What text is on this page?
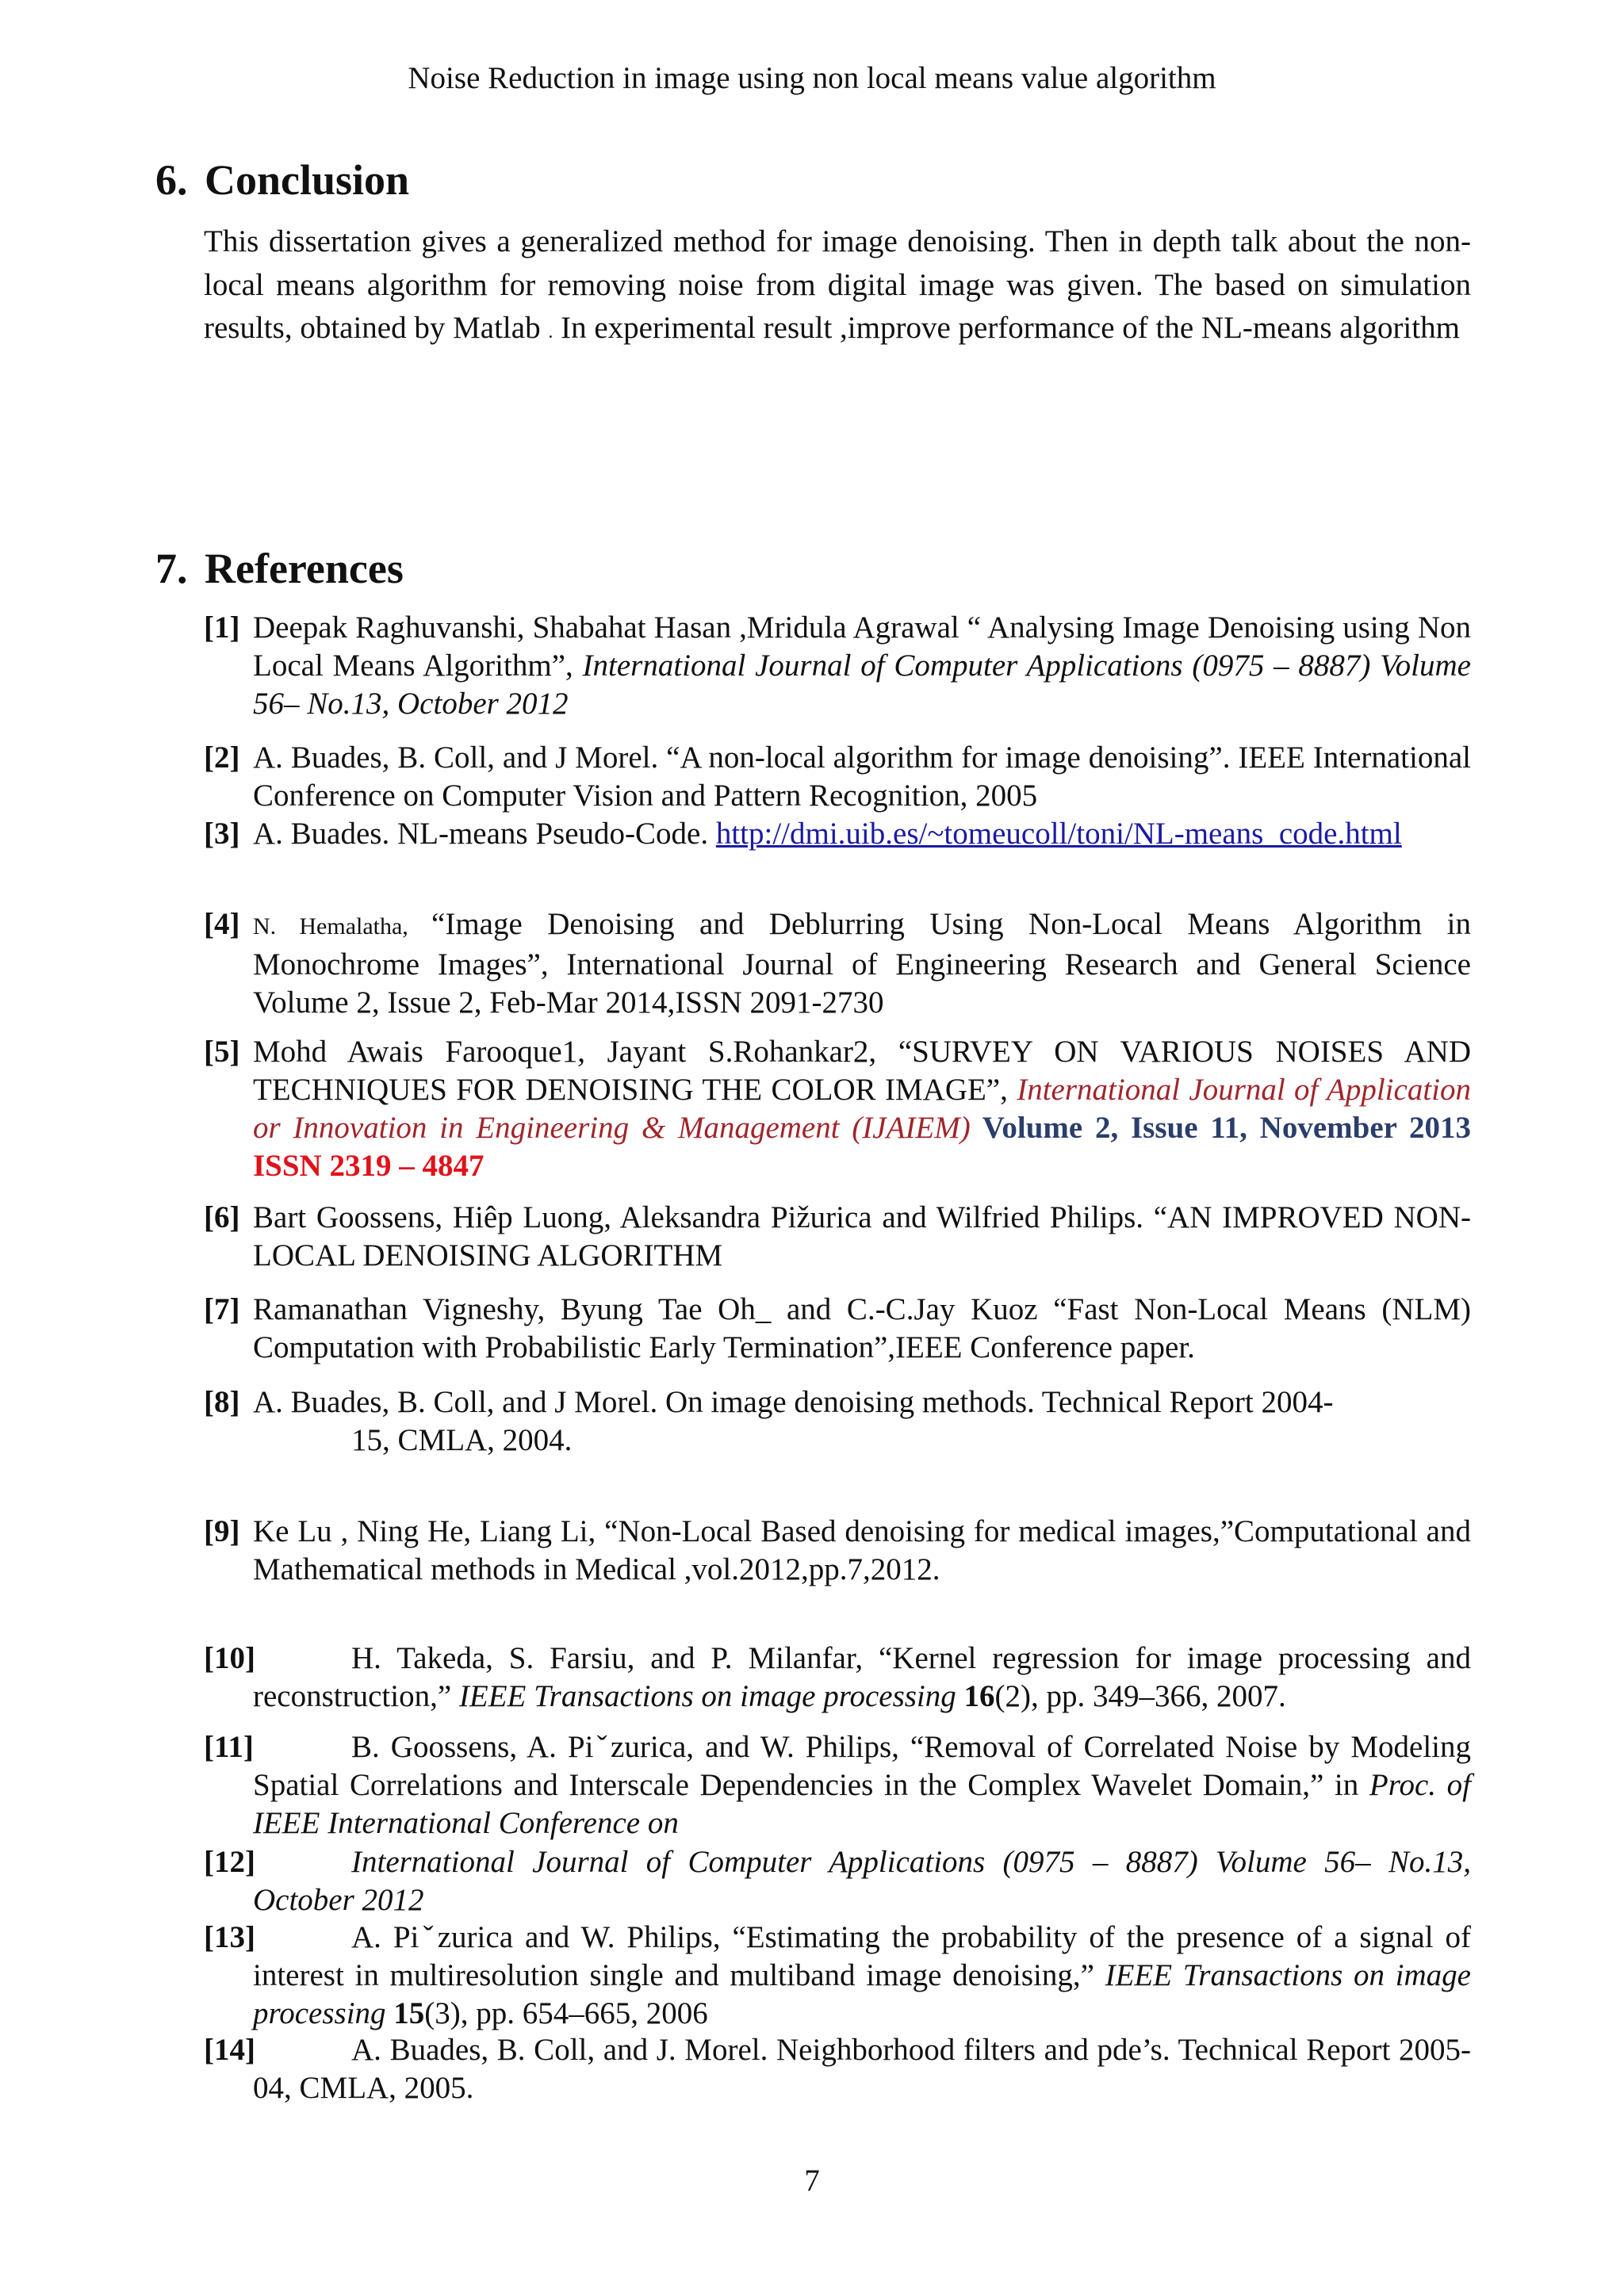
Noise Reduction in image using non local means value algorithm
6. Conclusion

This dissertation gives a generalized method for image denoising. Then in depth talk about the non-local means algorithm for removing noise from digital image was given. The based on simulation results, obtained by Matlab . In experimental result ,improve performance of the NL-means algorithm

7. References
[1] Deepak Raghuvanshi, Shabahat Hasan ,Mridula Agrawal “ Analysing Image Denoising using Non Local Means Algorithm”, International Journal of Computer Applications (0975 – 8887) Volume 56– No.13, October 2012
[2] A. Buades, B. Coll, and J Morel. “A non-local algorithm for image denoising”. IEEE International Conference on Computer Vision and Pattern Recognition, 2005
[3] A. Buades. NL-means Pseudo-Code. http://dmi.uib.es/~tomeucoll/toni/NL-means_code.html
[4] N. Hemalatha, “Image Denoising and Deblurring Using Non-Local Means Algorithm in Monochrome Images”, International Journal of Engineering Research and General Science Volume 2, Issue 2, Feb-Mar 2014,ISSN 2091-2730
[5] Mohd Awais Farooque1, Jayant S.Rohankar2, “SURVEY ON VARIOUS NOISES AND TECHNIQUES FOR DENOISING THE COLOR IMAGE”, International Journal of Application or Innovation in Engineering & Management (IJAIEM) Volume 2, Issue 11, November 2013 ISSN 2319 – 4847
[6] Bart Goossens, Hiêp Luong, Aleksandra Pižurica and Wilfried Philips. “AN IMPROVED NON-LOCAL DENOISING ALGORITHM
[7] Ramanathan Vigneshy, Byung Tae Oh_ and C.-C.Jay Kuoz “Fast Non-Local Means (NLM) Computation with Probabilistic Early Termination”,IEEE Conference paper.
[8] A. Buades, B. Coll, and J Morel. On image denoising methods. Technical Report 2004-
15, CMLA, 2004.
[9] Ke Lu , Ning He, Liang Li, “Non-Local Based denoising for medical images,”Computational and Mathematical methods in Medical ,vol.2012,pp.7,2012.
[10]	H. Takeda, S. Farsiu, and P. Milanfar, “Kernel regression for image processing and reconstruction,” IEEE Transactions on image processing 16(2), pp. 349–366, 2007.
[11]	B. Goossens, A. Piˇzurica, and W. Philips, “Removal of Correlated Noise by Modeling Spatial Correlations and Interscale Dependencies in the Complex Wavelet Domain,” in Proc. of IEEE International Conference on
[12]	International Journal of Computer Applications (0975 – 8887) Volume 56– No.13, October 2012
[13]	A. Piˇzurica and W. Philips, “Estimating the probability of the presence of a signal of interest in multiresolution single and multiband image denoising,” IEEE Transactions on image processing 15(3), pp. 654–665, 2006
[14]	A. Buades, B. Coll, and J. Morel. Neighborhood filters and pde’s. Technical Report 2005-04, CMLA, 2005.
7
